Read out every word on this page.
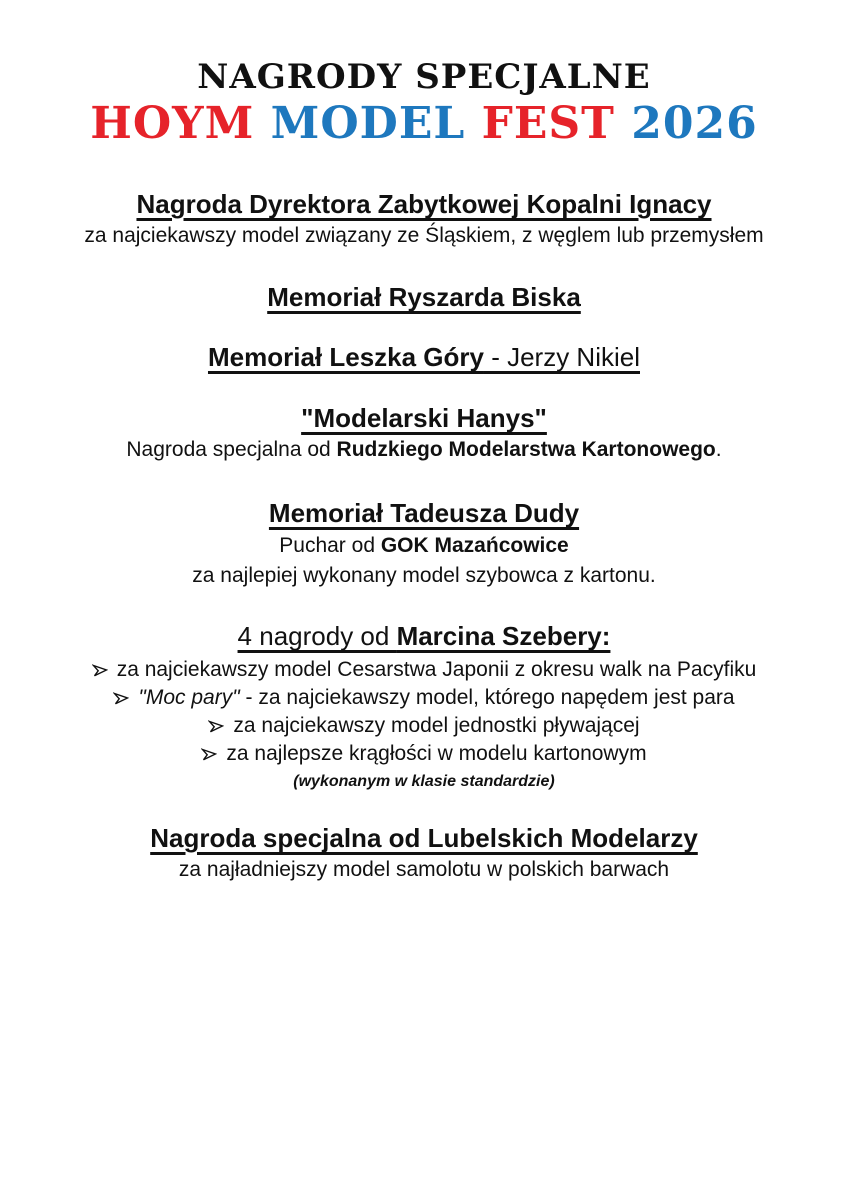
NAGRODY SPECJALNE
HOYM MODEL FEST 2026
Nagroda Dyrektora Zabytkowej Kopalni Ignacy
za najciekawszy model związany ze Śląskiem, z węglem lub przemysłem
Memoriał Ryszarda Biska
Memoriał Leszka Góry - Jerzy Nikiel
"Modelarski Hanys"
Nagroda specjalna od Rudzkiego Modelarstwa Kartonowego.
Memoriał Tadeusza Dudy
Puchar od GOK Mazańcowice
za najlepiej wykonany model szybowca z kartonu.
4 nagrody od Marcina Szebery:
za najciekawszy model Cesarstwa Japonii z okresu walk na Pacyfiku
"Moc pary" - za najciekawszy model, którego napędem jest para
za najciekawszy model jednostki pływającej
za najlepsze krągłości w modelu kartonowym
(wykonanym w klasie standardzie)
Nagroda specjalna od Lubelskich Modelarzy
za najładniejszy model samolotu w polskich barwach
